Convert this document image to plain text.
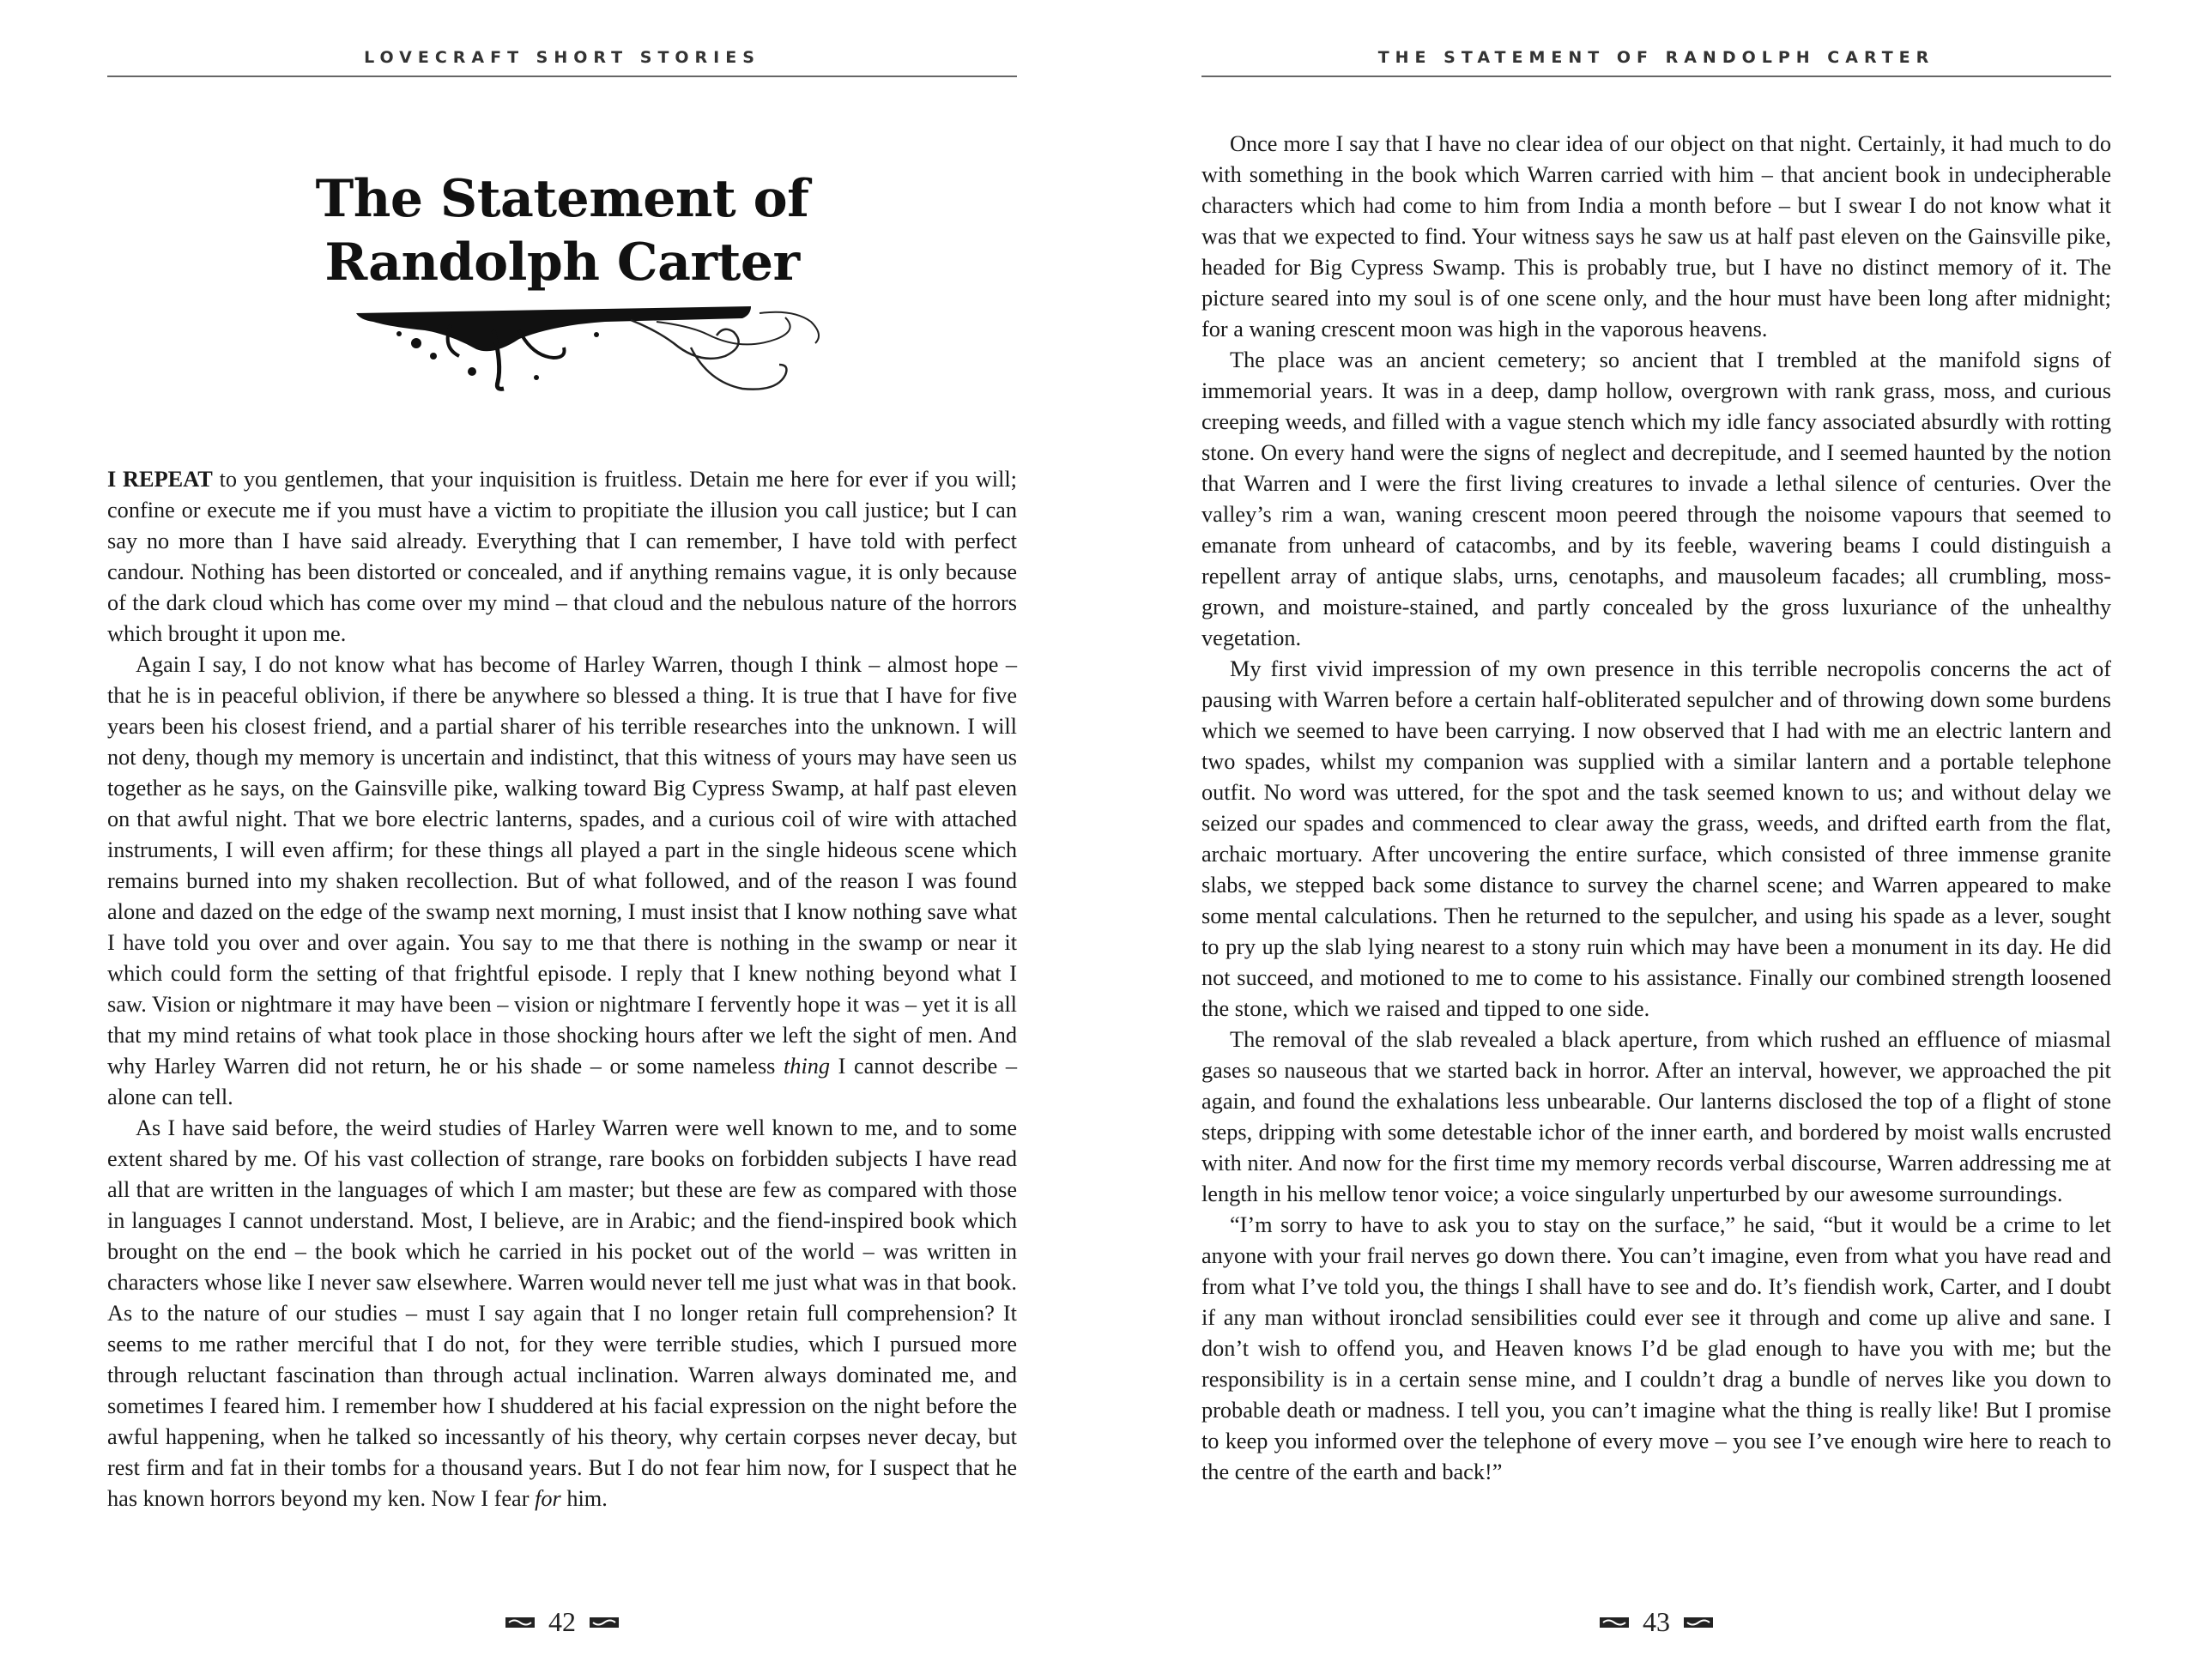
LOVECRAFT SHORT STORIES
The Statement of
Randolph Carter

I REPEAT to you gentlemen, that your inquisition is fruitless. Detain me here for ever if you will; confine or execute me if you must have a victim to propitiate the illusion you call justice; but I can say no more than I have said already. Everything that I can remember, I have told with perfect candour. Nothing has been distorted or concealed, and if anything remains vague, it is only because of the dark cloud which has come over my mind – that cloud and the nebulous nature of the horrors which brought it upon me.

Again I say, I do not know what has become of Harley Warren, though I think – almost hope – that he is in peaceful oblivion, if there be anywhere so blessed a thing. It is true that I have for five years been his closest friend, and a partial sharer of his terrible researches into the unknown. I will not deny, though my memory is uncertain and indistinct, that this witness of yours may have seen us together as he says, on the Gainsville pike, walking toward Big Cypress Swamp, at half past eleven on that awful night. That we bore electric lanterns, spades, and a curious coil of wire with attached instruments, I will even affirm; for these things all played a part in the single hideous scene which remains burned into my shaken recollection. But of what followed, and of the reason I was found alone and dazed on the edge of the swamp next morning, I must insist that I know nothing save what I have told you over and over again. You say to me that there is nothing in the swamp or near it which could form the setting of that frightful episode. I reply that I knew nothing beyond what I saw. Vision or nightmare it may have been – vision or nightmare I fervently hope it was – yet it is all that my mind retains of what took place in those shocking hours after we left the sight of men. And why Harley Warren did not return, he or his shade – or some nameless thing I cannot describe – alone can tell.

As I have said before, the weird studies of Harley Warren were well known to me, and to some extent shared by me. Of his vast collection of strange, rare books on forbidden subjects I have read all that are written in the languages of which I am master; but these are few as compared with those in languages I cannot understand. Most, I believe, are in Arabic; and the fiend-inspired book which brought on the end – the book which he carried in his pocket out of the world – was written in characters whose like I never saw elsewhere. Warren would never tell me just what was in that book. As to the nature of our studies – must I say again that I no longer retain full comprehension? It seems to me rather merciful that I do not, for they were terrible studies, which I pursued more through reluctant fascination than through actual inclination. Warren always dominated me, and sometimes I feared him. I remember how I shuddered at his facial expression on the night before the awful happening, when he talked so incessantly of his theory, why certain corpses never decay, but rest firm and fat in their tombs for a thousand years. But I do not fear him now, for I suspect that he has known horrors beyond my ken. Now I fear for him.

42
THE STATEMENT OF RANDOLPH CARTER

Once more I say that I have no clear idea of our object on that night. Certainly, it had much to do with something in the book which Warren carried with him – that ancient book in undecipherable characters which had come to him from India a month before – but I swear I do not know what it was that we expected to find. Your witness says he saw us at half past eleven on the Gainsville pike, headed for Big Cypress Swamp. This is probably true, but I have no distinct memory of it. The picture seared into my soul is of one scene only, and the hour must have been long after midnight; for a waning crescent moon was high in the vaporous heavens.

The place was an ancient cemetery; so ancient that I trembled at the manifold signs of immemorial years. It was in a deep, damp hollow, overgrown with rank grass, moss, and curious creeping weeds, and filled with a vague stench which my idle fancy associated absurdly with rotting stone. On every hand were the signs of neglect and decrepitude, and I seemed haunted by the notion that Warren and I were the first living creatures to invade a lethal silence of centuries. Over the valley’s rim a wan, waning crescent moon peered through the noisome vapours that seemed to emanate from unheard of catacombs, and by its feeble, wavering beams I could distinguish a repellent array of antique slabs, urns, cenotaphs, and mausoleum facades; all crumbling, moss-grown, and moisture-stained, and partly concealed by the gross luxuriance of the unhealthy vegetation.

My first vivid impression of my own presence in this terrible necropolis concerns the act of pausing with Warren before a certain half-obliterated sepulcher and of throwing down some burdens which we seemed to have been carrying. I now observed that I had with me an electric lantern and two spades, whilst my companion was supplied with a similar lantern and a portable telephone outfit. No word was uttered, for the spot and the task seemed known to us; and without delay we seized our spades and commenced to clear away the grass, weeds, and drifted earth from the flat, archaic mortuary. After uncovering the entire surface, which consisted of three immense granite slabs, we stepped back some distance to survey the charnel scene; and Warren appeared to make some mental calculations. Then he returned to the sepulcher, and using his spade as a lever, sought to pry up the slab lying nearest to a stony ruin which may have been a monument in its day. He did not succeed, and motioned to me to come to his assistance. Finally our combined strength loosened the stone, which we raised and tipped to one side.

The removal of the slab revealed a black aperture, from which rushed an effluence of miasmal gases so nauseous that we started back in horror. After an interval, however, we approached the pit again, and found the exhalations less unbearable. Our lanterns disclosed the top of a flight of stone steps, dripping with some detestable ichor of the inner earth, and bordered by moist walls encrusted with niter. And now for the first time my memory records verbal discourse, Warren addressing me at length in his mellow tenor voice; a voice singularly unperturbed by our awesome surroundings.

“I’m sorry to have to ask you to stay on the surface,” he said, “but it would be a crime to let anyone with your frail nerves go down there. You can’t imagine, even from what you have read and from what I’ve told you, the things I shall have to see and do. It’s fiendish work, Carter, and I doubt if any man without ironclad sensibilities could ever see it through and come up alive and sane. I don’t wish to offend you, and Heaven knows I’d be glad enough to have you with me; but the responsibility is in a certain sense mine, and I couldn’t drag a bundle of nerves like you down to probable death or madness. I tell you, you can’t imagine what the thing is really like! But I promise to keep you informed over the telephone of every move – you see I’ve enough wire here to reach to the centre of the earth and back!”

43
